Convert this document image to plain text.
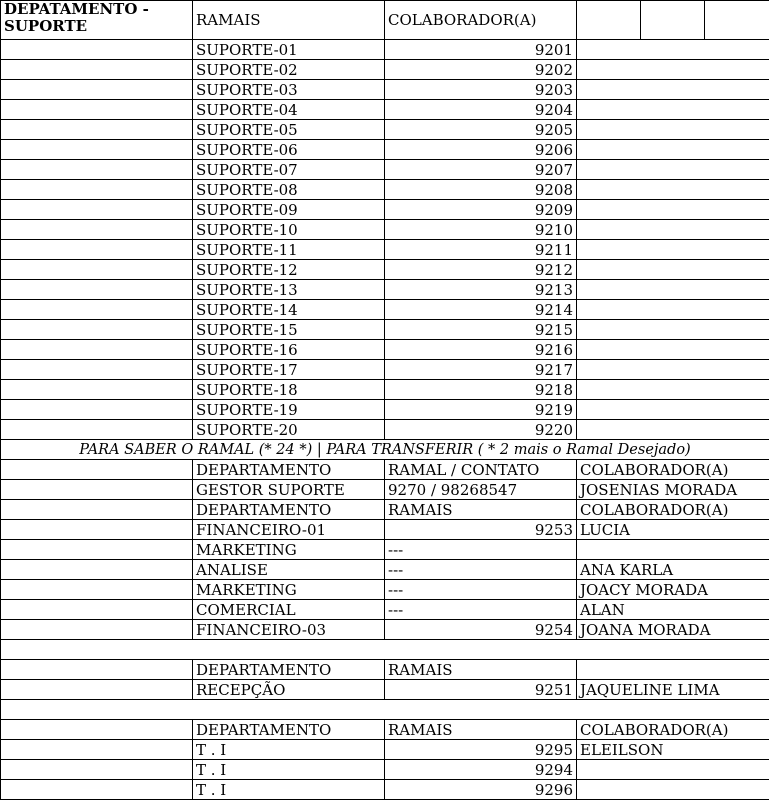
DEPATAMENTO - SUPORTE	RAMAIS	COLABORADOR(A)			
	SUPORTE-01	9201			
	SUPORTE-02	9202			
	SUPORTE-03	9203			
	SUPORTE-04	9204			
	SUPORTE-05	9205			
	SUPORTE-06	9206			
	SUPORTE-07	9207			
	SUPORTE-08	9208			
	SUPORTE-09	9209			
	SUPORTE-10	9210			
	SUPORTE-11	9211			
	SUPORTE-12	9212			
	SUPORTE-13	9213			
	SUPORTE-14	9214			
	SUPORTE-15	9215			
	SUPORTE-16	9216			
	SUPORTE-17	9217			
	SUPORTE-18	9218			
	SUPORTE-19	9219			
	SUPORTE-20	9220			
PARA SABER O RAMAL (* 24 *) | PARA TRANSFERIR ( * 2 mais o Ramal Desejado)					
	DEPARTAMENTO	RAMAL / CONTATO	COLABORADOR(A)		
	GESTOR SUPORTE	9270 / 98268547	JOSENIAS MORADA		
	DEPARTAMENTO	RAMAIS	COLABORADOR(A)		
	FINANCEIRO-01	9253	LUCIA		
	MARKETING	---			
	ANALISE	---	ANA KARLA		
	MARKETING	---	JOACY MORADA		
	COMERCIAL	---	ALAN		
	FINANCEIRO-03	9254	JOANA MORADA		

	DEPARTAMENTO	RAMAIS			
	RECEPÇÃO	9251	JAQUELINE LIMA		

	DEPARTAMENTO	RAMAIS	COLABORADOR(A)		
	T . I	9295	ELEILSON		
	T . I	9294			
	T . I	9296			
